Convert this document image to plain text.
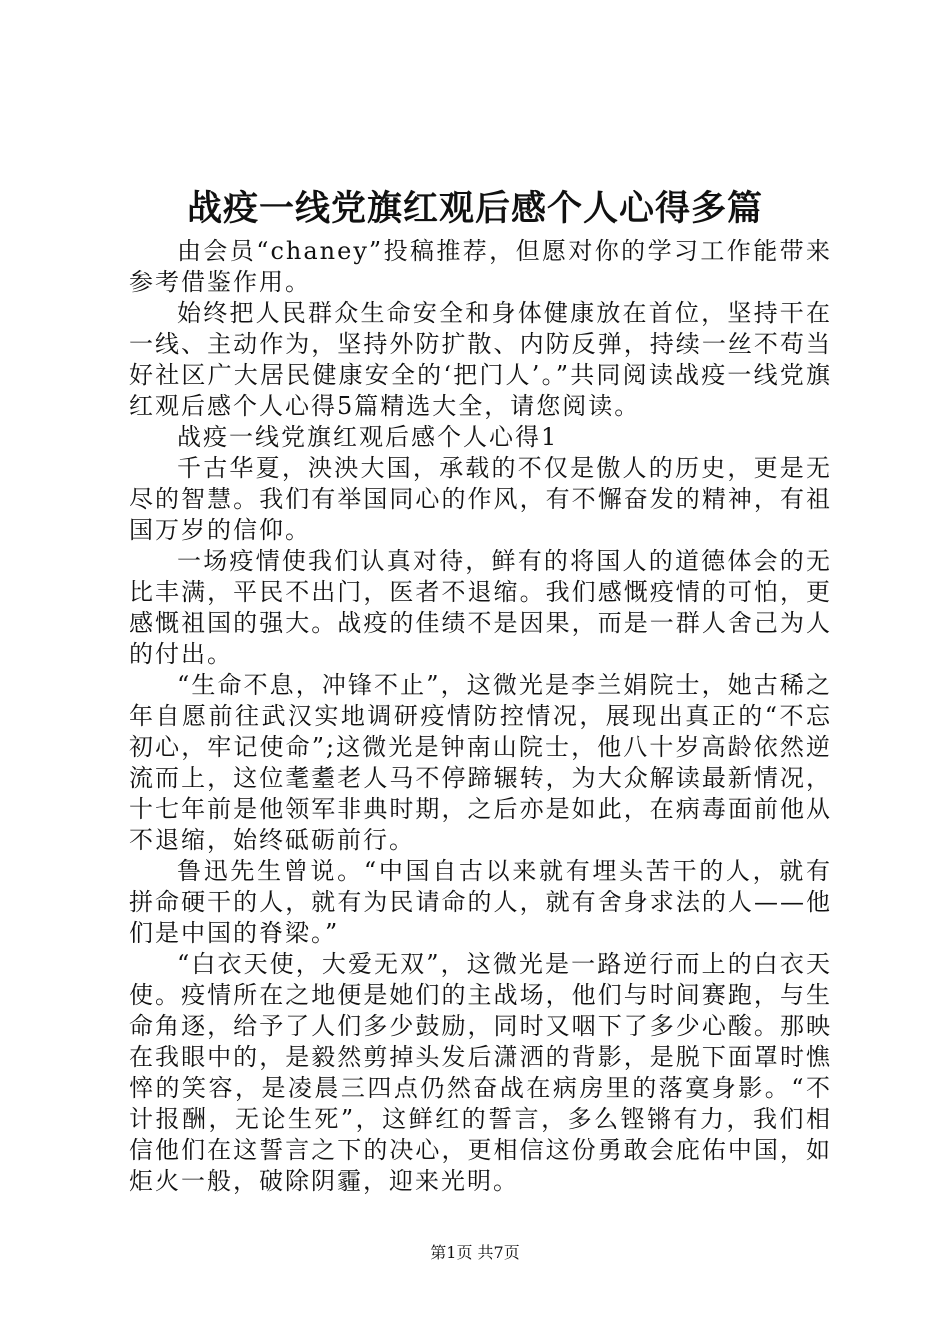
战疫一线党旗红观后感个人心得多篇

由会员“chaney”投稿推荐，但愿对你的学习工作能带来参考借鉴作用。

始终把人民群众生命安全和身体健康放在首位，坚持干在一线、主动作为，坚持外防扩散、内防反弹，持续一丝不苟当好社区广大居民健康安全的‘把门人’。”共同阅读战疫一线党旗红观后感个人心得5篇精选大全，请您阅读。

战疫一线党旗红观后感个人心得1

千古华夏，泱泱大国，承载的不仅是傲人的历史，更是无尽的智慧。我们有举国同心的作风，有不懈奋发的精神，有祖国万岁的信仰。

一场疫情使我们认真对待，鲜有的将国人的道德体会的无比丰满，平民不出门，医者不退缩。我们感慨疫情的可怕，更感慨祖国的强大。战疫的佳绩不是因果，而是一群人舍己为人的付出。

“生命不息，冲锋不止”，这微光是李兰娟院士，她古稀之年自愿前往武汉实地调研疫情防控情况，展现出真正的“不忘初心，牢记使命”;这微光是钟南山院士，他八十岁高龄依然逆流而上，这位耄耋老人马不停蹄辗转，为大众解读最新情况，十七年前是他领军非典时期，之后亦是如此，在病毒面前他从不退缩，始终砥砺前行。

鲁迅先生曾说。“中国自古以来就有埋头苦干的人，就有拼命硬干的人，就有为民请命的人，就有舍身求法的人——他们是中国的脊梁。”

“白衣天使，大爱无双”，这微光是一路逆行而上的白衣天使。疫情所在之地便是她们的主战场，他们与时间赛跑，与生命角逐，给予了人们多少鼓励，同时又咽下了多少心酸。那映在我眼中的，是毅然剪掉头发后潇洒的背影，是脱下面罩时憔悴的笑容，是凌晨三四点仍然奋战在病房里的落寞身影。“不计报酬，无论生死”，这鲜红的誓言，多么铿锵有力，我们相信他们在这誓言之下的决心，更相信这份勇敢会庇佑中国，如炬火一般，破除阴霾，迎来光明。

第1页 共7页
